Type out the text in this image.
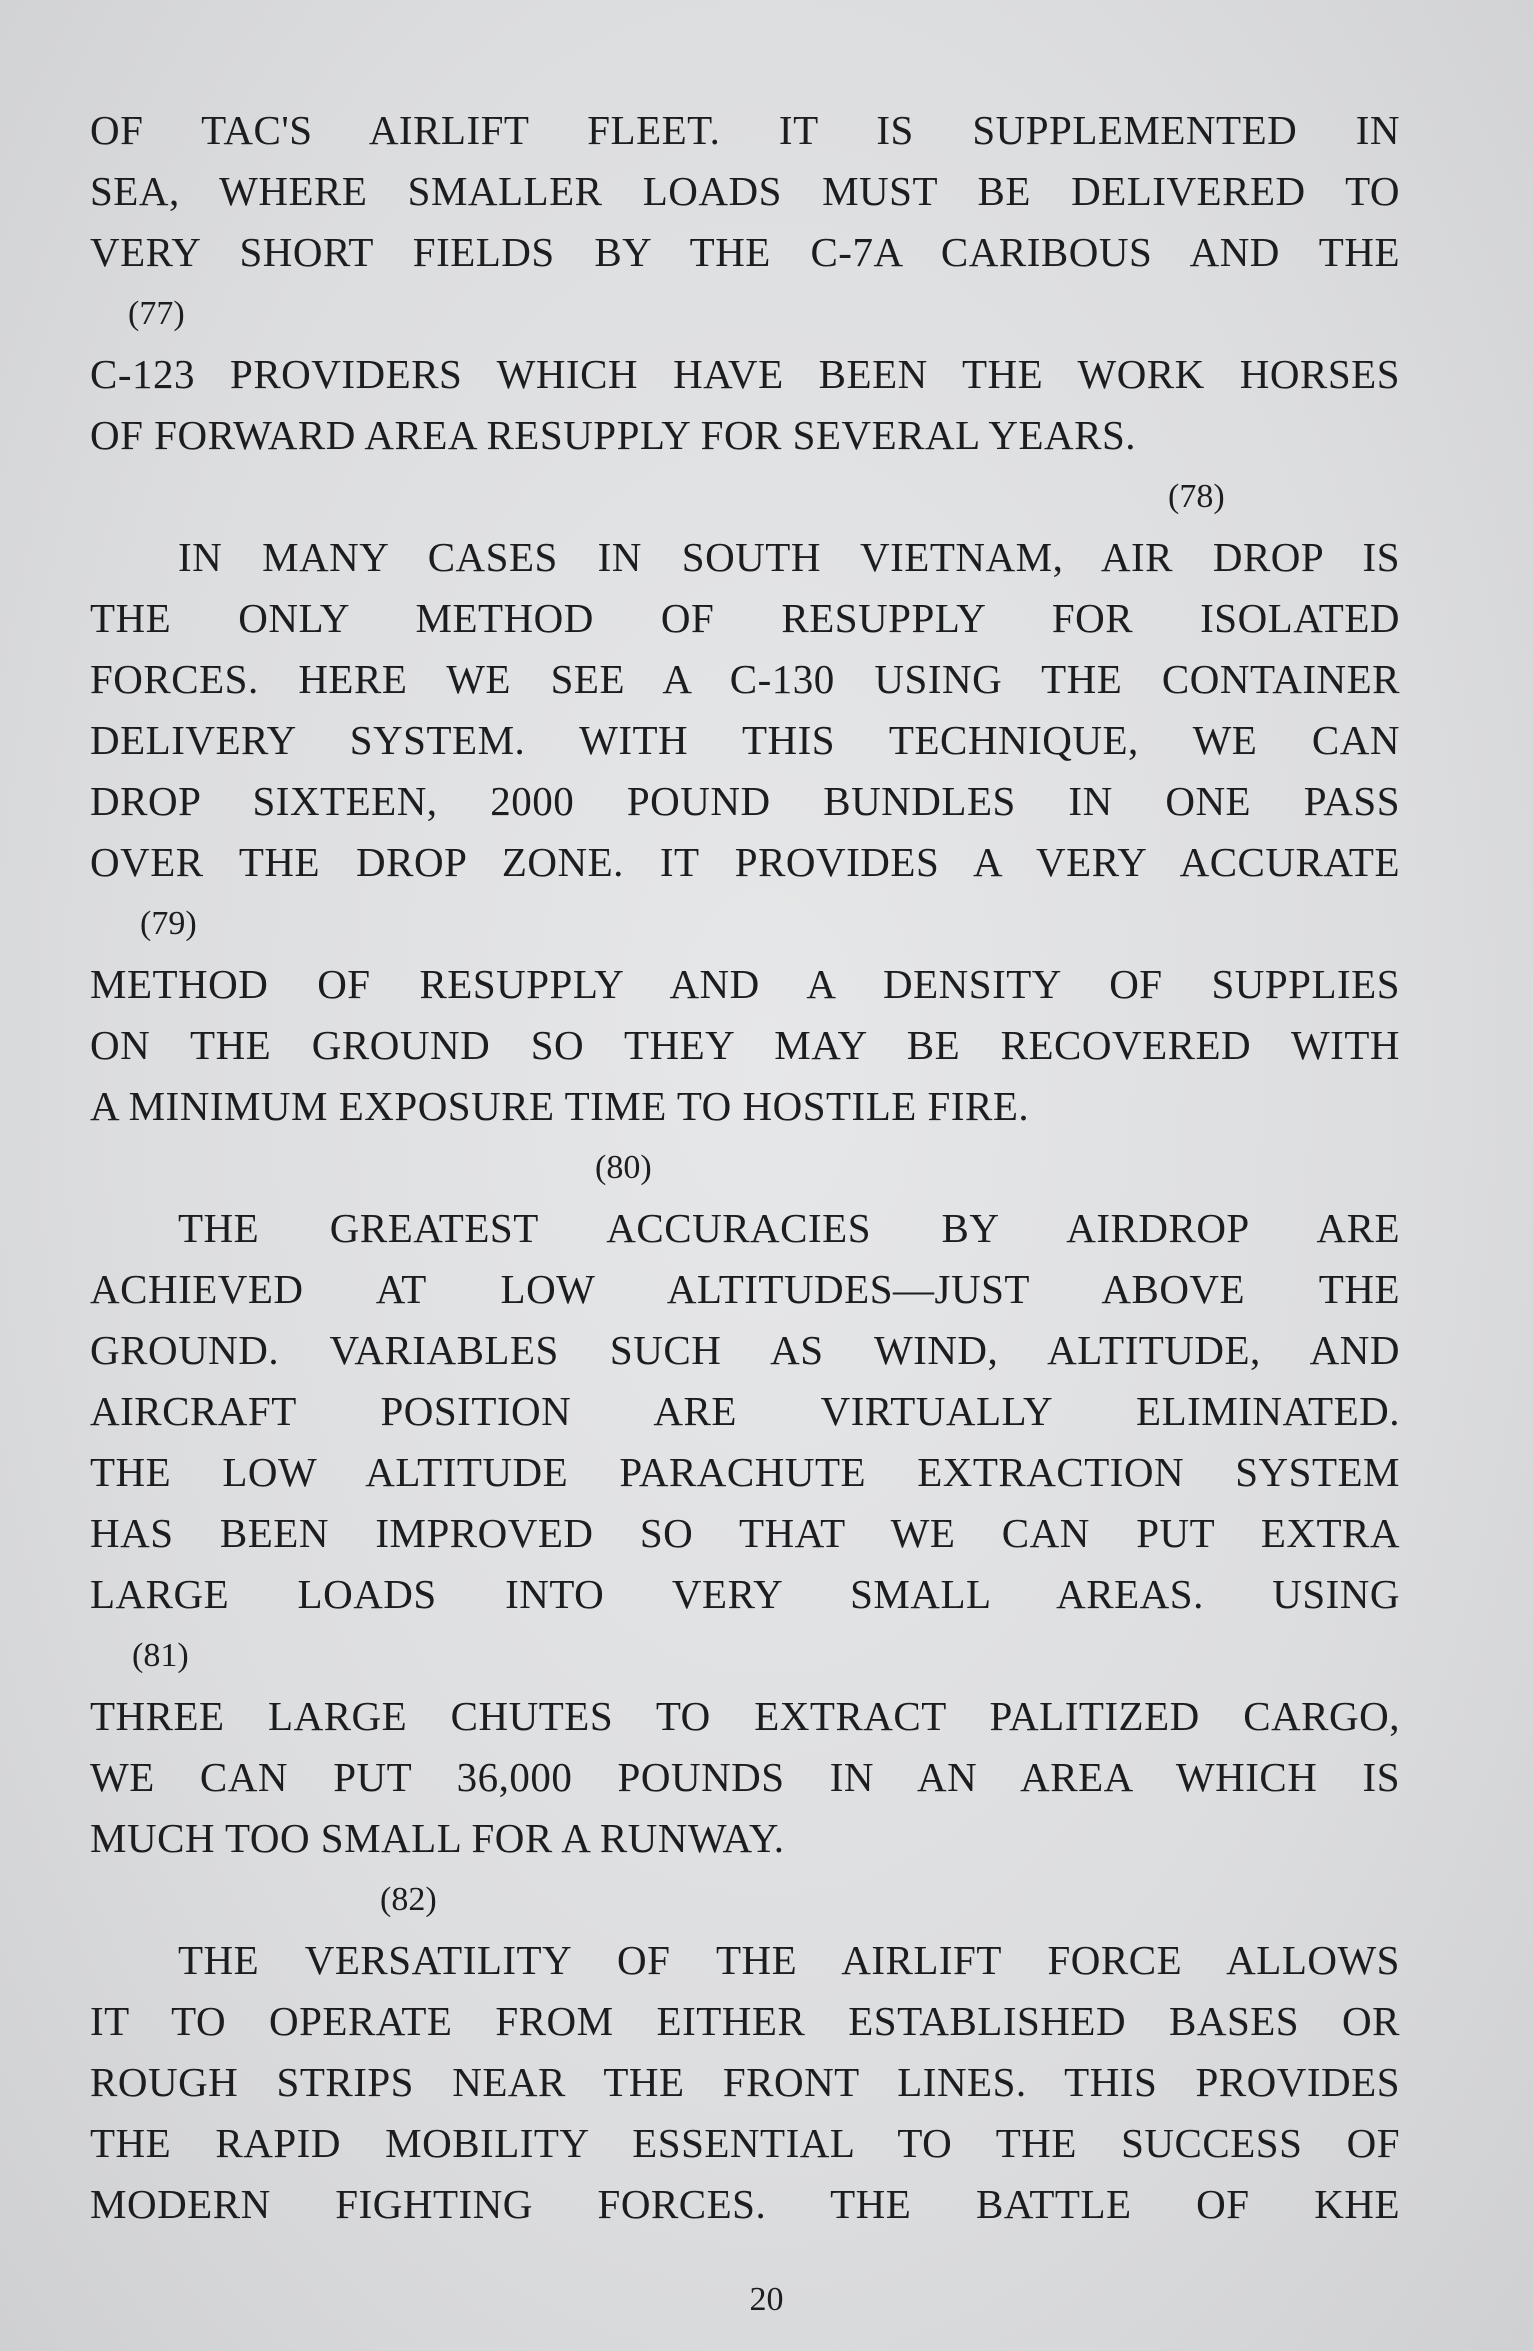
OF TAC'S AIRLIFT FLEET. IT IS SUPPLEMENTED IN
SEA, WHERE SMALLER LOADS MUST BE DELIVERED TO
VERY SHORT FIELDS BY THE C-7A CARIBOUS AND THE
(77)
C-123 PROVIDERS WHICH HAVE BEEN THE WORK HORSES
OF FORWARD AREA RESUPPLY FOR SEVERAL YEARS.
(78)
IN MANY CASES IN SOUTH VIETNAM, AIR DROP IS
THE ONLY METHOD OF RESUPPLY FOR ISOLATED
FORCES. HERE WE SEE A C-130 USING THE CONTAINER
DELIVERY SYSTEM. WITH THIS TECHNIQUE, WE CAN
DROP SIXTEEN, 2000 POUND BUNDLES IN ONE PASS
OVER THE DROP ZONE. IT PROVIDES A VERY ACCURATE
(79)
METHOD OF RESUPPLY AND A DENSITY OF SUPPLIES
ON THE GROUND SO THEY MAY BE RECOVERED WITH
A MINIMUM EXPOSURE TIME TO HOSTILE FIRE.
(80)
THE GREATEST ACCURACIES BY AIRDROP ARE
ACHIEVED AT LOW ALTITUDES—JUST ABOVE THE
GROUND. VARIABLES SUCH AS WIND, ALTITUDE, AND
AIRCRAFT POSITION ARE VIRTUALLY ELIMINATED.
THE LOW ALTITUDE PARACHUTE EXTRACTION SYSTEM
HAS BEEN IMPROVED SO THAT WE CAN PUT EXTRA
LARGE LOADS INTO VERY SMALL AREAS. USING
(81)
THREE LARGE CHUTES TO EXTRACT PALITIZED CARGO,
WE CAN PUT 36,000 POUNDS IN AN AREA WHICH IS
MUCH TOO SMALL FOR A RUNWAY.
(82)
THE VERSATILITY OF THE AIRLIFT FORCE ALLOWS
IT TO OPERATE FROM EITHER ESTABLISHED BASES OR
ROUGH STRIPS NEAR THE FRONT LINES. THIS PROVIDES
THE RAPID MOBILITY ESSENTIAL TO THE SUCCESS OF
MODERN FIGHTING FORCES. THE BATTLE OF KHE
20
